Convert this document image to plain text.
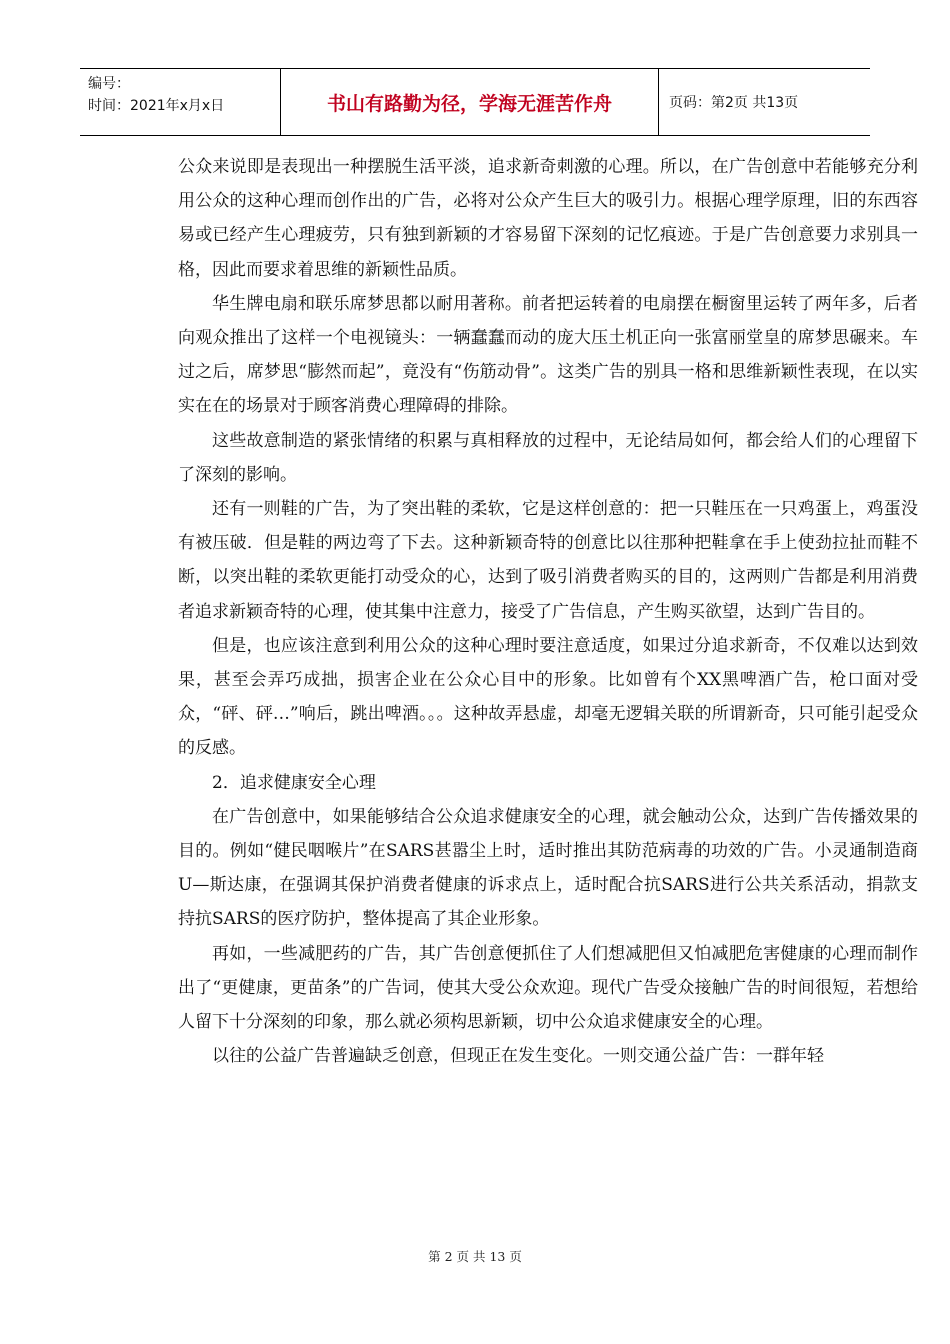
编号：
时间：2021年x月x日	书山有路勤为径，学海无涯苦作舟	页码：第2页 共13页

公众来说即是表现出一种摆脱生活平淡，追求新奇刺激的心理。所以，在广告创意中若能够充分利用公众的这种心理而创作出的广告，必将对公众产生巨大的吸引力。根据心理学原理，旧的东西容易或已经产生心理疲劳，只有独到新颖的才容易留下深刻的记忆痕迹。于是广告创意要力求别具一格，因此而要求着思维的新颖性品质。

华生牌电扇和联乐席梦思都以耐用著称。前者把运转着的电扇摆在橱窗里运转了两年多，后者向观众推出了这样一个电视镜头：一辆蠢蠢而动的庞大压土机正向一张富丽堂皇的席梦思碾来。车过之后，席梦思“膨然而起”，竟没有“伤筋动骨”。这类广告的别具一格和思维新颖性表现，在以实实在在的场景对于顾客消费心理障碍的排除。

这些故意制造的紧张情绪的积累与真相释放的过程中，无论结局如何，都会给人们的心理留下了深刻的影响。

还有一则鞋的广告，为了突出鞋的柔软，它是这样创意的：把一只鞋压在一只鸡蛋上，鸡蛋没有被压破．但是鞋的两边弯了下去。这种新颖奇特的创意比以往那种把鞋拿在手上使劲拉扯而鞋不断，以突出鞋的柔软更能打动受众的心，达到了吸引消费者购买的目的，这两则广告都是利用消费者追求新颖奇特的心理，使其集中注意力，接受了广告信息，产生购买欲望，达到广告目的。

但是，也应该注意到利用公众的这种心理时要注意适度，如果过分追求新奇，不仅难以达到效果，甚至会弄巧成拙，损害企业在公众心目中的形象。比如曾有个XX黑啤酒广告，枪口面对受众，“砰、砰…”响后，跳出啤酒。。。这种故弄悬虚，却毫无逻辑关联的所谓新奇，只可能引起受众的反感。

2．追求健康安全心理

在广告创意中，如果能够结合公众追求健康安全的心理，就会触动公众，达到广告传播效果的目的。例如“健民咽喉片”在SARS甚嚣尘上时，适时推出其防范病毒的功效的广告。小灵通制造商U—斯达康，在强调其保护消费者健康的诉求点上，适时配合抗SARS进行公共关系活动，捐款支持抗SARS的医疗防护，整体提高了其企业形象。

再如，一些减肥药的广告，其广告创意便抓住了人们想减肥但又怕减肥危害健康的心理而制作出了“更健康，更苗条”的广告词，使其大受公众欢迎。现代广告受众接触广告的时间很短，若想给人留下十分深刻的印象，那么就必须构思新颖，切中公众追求健康安全的心理。

以往的公益广告普遍缺乏创意，但现正在发生变化。一则交通公益广告：一群年轻

第 2 页 共 13 页
